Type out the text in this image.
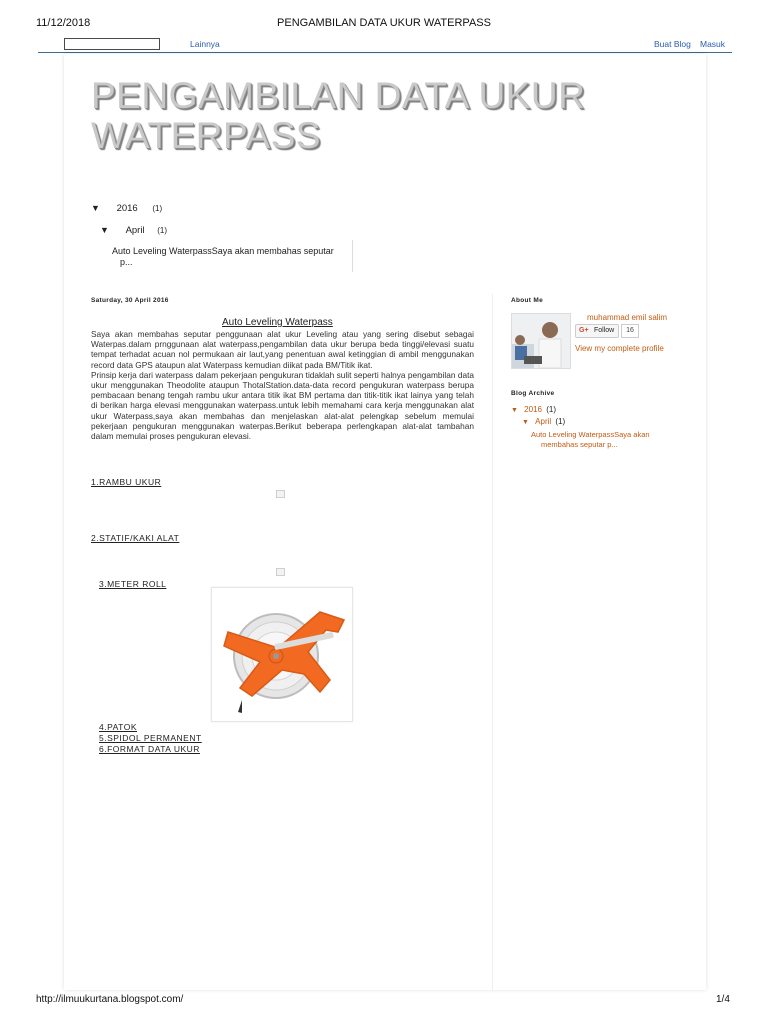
11/12/2018	PENGAMBILAN DATA UKUR WATERPASS
Lainnya	Buat Blog Masuk
PENGAMBILAN DATA UKUR WATERPASS
▼ 2016 (1)
▼ April (1)
Auto Leveling WaterpassSaya akan membahas seputar
p...
Saturday, 30 April 2016
Auto Leveling Waterpass

Saya akan membahas seputar penggunaan alat ukur Leveling atau yang sering disebut sebagai Waterpas.dalam prnggunaan alat waterpass,pengambilan data ukur berupa beda tinggi/elevasi suatu tempat terhadat acuan nol permukaan air laut,yang penentuan awal ketinggian di ambil menggunakan record data GPS ataupun alat Waterpass kemudian diikat pada BM/Titik ikat.

Prinsip kerja dari waterpass dalam pekerjaan pengukuran tidaklah sulit seperti halnya pengambilan data ukur menggunakan Theodolite ataupun ThotalStation.data-data record pengukuran waterpass berupa pembacaan benang tengah rambu ukur antara titik ikat BM pertama dan titik-titik ikat lainya yang telah di berikan harga elevasi menggunakan waterpass.untuk lebih memahami cara kerja menggunakan alat ukur Waterpass,saya akan membahas dan menjelaskan alat-alat pelengkap sebelum memulai pekerjaan pengukuran menggunakan waterpas.Berikut beberapa perlengkapan alat-alat tambahan dalam memulai proses pengukuran elevasi.

1.RAMBU UKUR
2.STATIF/KAKI ALAT
3.METER ROLL
4.PATOK
5.SPIDOL PERMANENT
6.FORMAT DATA UKUR
About Me
muhammad emil salim
G+ Follow	16
View my complete profile
Blog Archive
▼ 2016 (1)
▼ April (1)
Auto Leveling WaterpassSaya akan
membahas seputar p...
http://ilmuukurtana.blogspot.com/	1/4
